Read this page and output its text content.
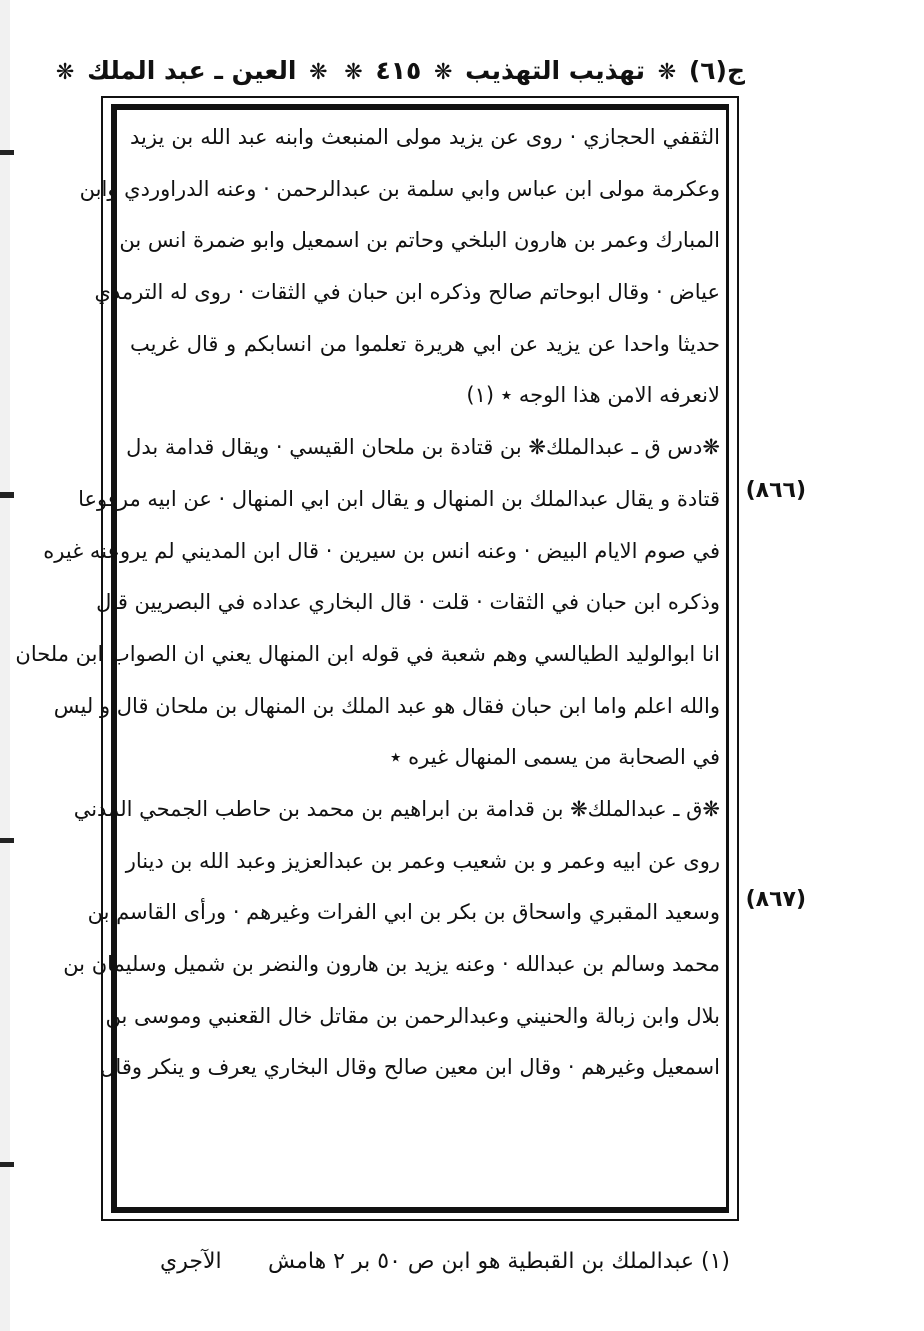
ج(٦) ❋ تهذيب التهذيب ❋ ٤١٥ ❋ ❋ العين ـ عبد الملك ❋
(٨٦٦)
(٨٦٧)
الثقفي الحجازي · روى عن يزيد مولى المنبعث وابنه عبد الله بن يزيد
وعكرمة مولى ابن عباس وابي سلمة بن عبدالرحمن · وعنه الدراوردي وابن
المبارك وعمر بن هارون البلخي وحاتم بن اسمعيل وابو ضمرة انس بن
عياض · وقال ابوحاتم صالح وذكره ابن حبان في الثقات · روى له الترمذي
حديثا واحدا عن يزيد عن ابي هريرة تعلموا من انسابكم و قال غريب
لانعرفه الامن هذا الوجه ٭ (١)
❋دس ق ـ عبدالملك❋ بن قتادة بن ملحان القيسي · ويقال قدامة بدل
قتادة و يقال عبدالملك بن المنهال و يقال ابن ابي المنهال · عن ابيه مرفوعا
في صوم الايام البيض · وعنه انس بن سيرين · قال ابن المديني لم يروعنه غيره
وذكره ابن حبان في الثقات · قلت · قال البخاري عداده في البصريين قال
انا ابوالوليد الطيالسي وهم شعبة في قوله ابن المنهال يعني ان الصواب ابن ملحان
والله اعلم واما ابن حبان فقال هو عبد الملك بن المنهال بن ملحان قال و ليس
في الصحابة من يسمى المنهال غيره ٭
❋ق ـ عبدالملك❋ بن قدامة بن ابراهيم بن محمد بن حاطب الجمحي المدني
روى عن ابيه وعمر و بن شعيب وعمر بن عبدالعزيز وعبد الله بن دينار
وسعيد المقبري واسحاق بن بكر بن ابي الفرات وغيرهم · ورأى القاسم بن
محمد وسالم بن عبدالله · وعنه يزيد بن هارون والنضر بن شميل وسليمان بن
بلال وابن زبالة والحنيني وعبدالرحمن بن مقاتل خال القعنبي وموسى بن
اسمعيل وغيرهم · وقال ابن معين صالح وقال البخاري يعرف و ينكر وقال
(١) عبدالملك بن القبطية هو ابن ص ٥٠ بر ٢ هامش
الآجري
